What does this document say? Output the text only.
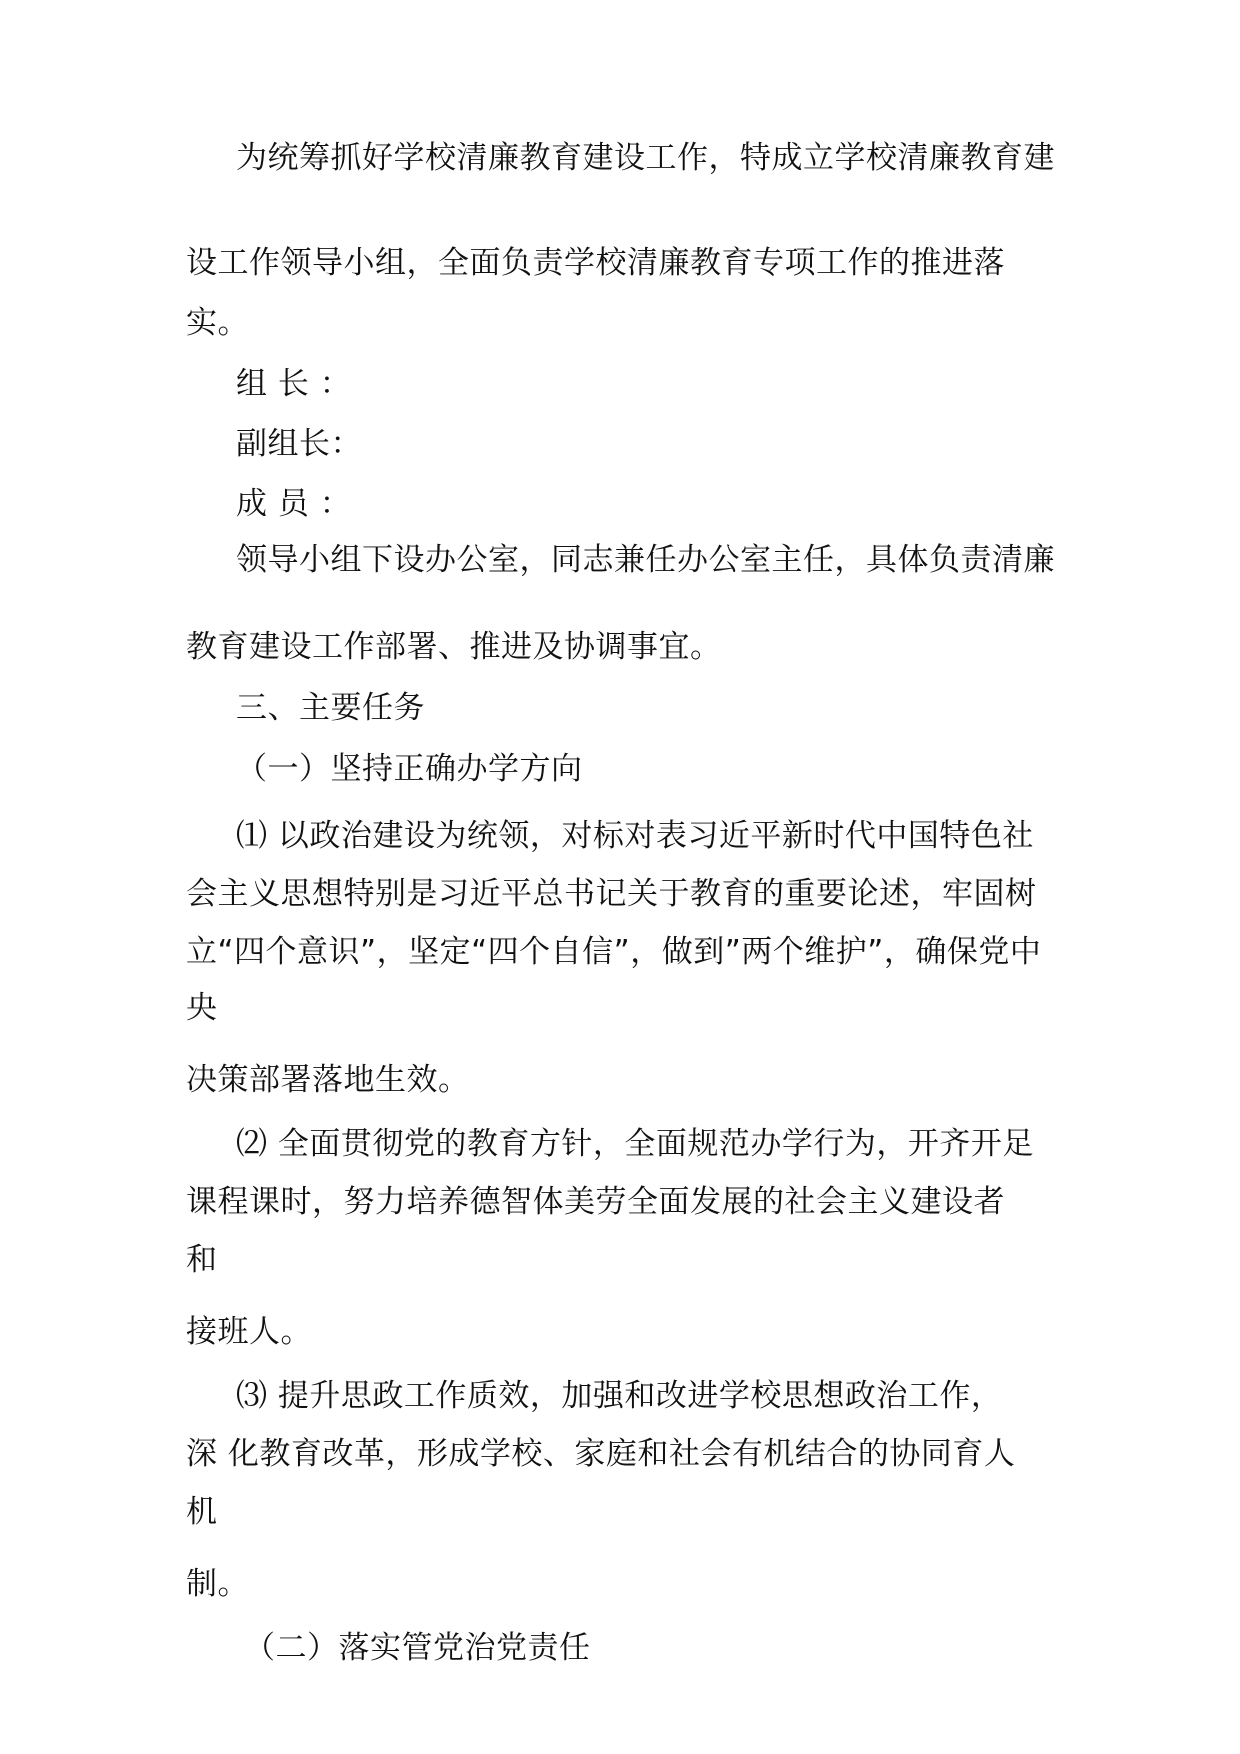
为统筹抓好学校清廉教育建设工作，特成立学校清廉教育建
设工作领导小组，全面负责学校清廉教育专项工作的推进落
实。
组 长 ：
副组长：
成 员 ：
领导小组下设办公室，同志兼任办公室主任，具体负责清廉
教育建设工作部署、推进及协调事宜。
三、主要任务
（一）坚持正确办学方向
⑴ 以政治建设为统领，对标对表习近平新时代中国特色社
会主义思想特别是习近平总书记关于教育的重要论述，牢固树
立“四个意识”，坚定“四个自信”，做到”两个维护”，确保党中
央
决策部署落地生效。
⑵ 全面贯彻党的教育方针，全面规范办学行为，开齐开足
课程课时，努力培养德智体美劳全面发展的社会主义建设者
和
接班人。
⑶ 提升思政工作质效，加强和改进学校思想政治工作，
深 化教育改革，形成学校、家庭和社会有机结合的协同育人
机
制。
（二）落实管党治党责任
